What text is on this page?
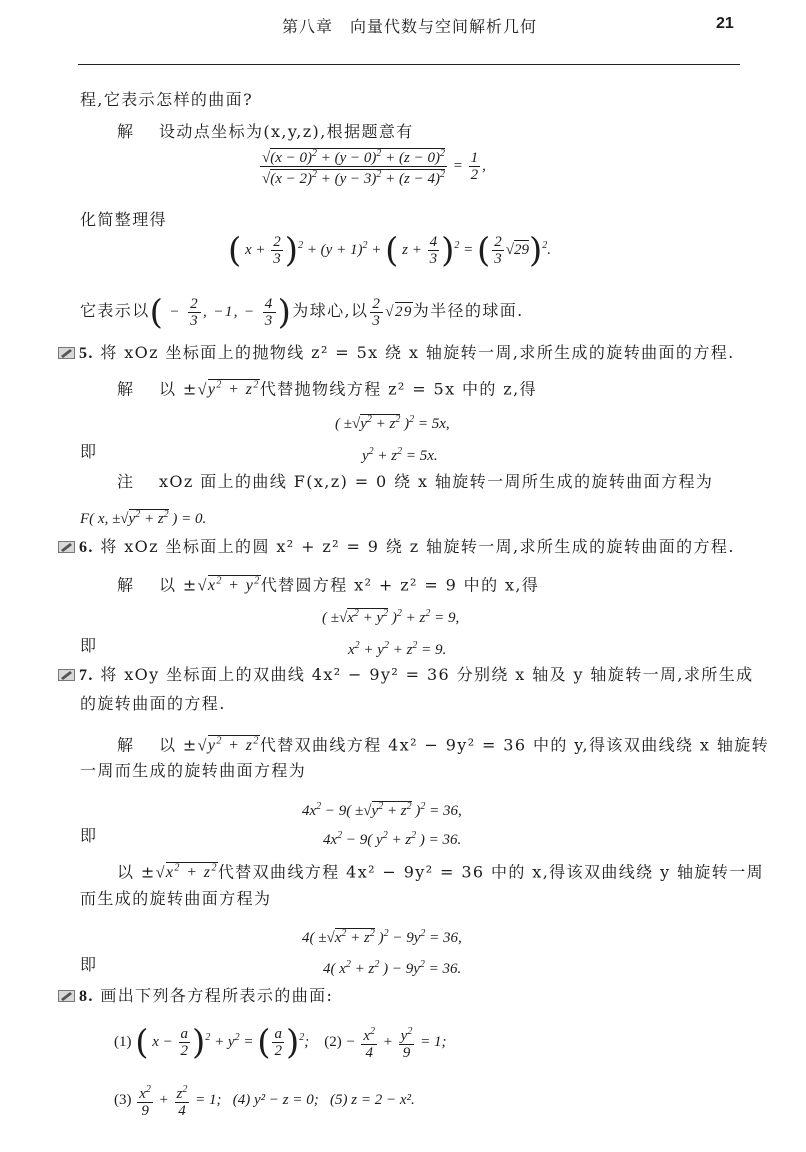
第八章　向量代数与空间解析几何	21
程,它表示怎样的曲面?
解 设动点坐标为(x,y,z),根据题意有
$\frac{√(x - 0)^2 + (y - 0)^2 + (z - 0)^2}{√(x - 2)^2 + (y - 3)^2 + (z - 4)^2} = \frac{1}{2}$ ,
化简整理得
( $x + \frac{2}{3} )^2 + (y + 1)^2$ + ( $z + \frac{4}{3} )^2$ = ( $\frac{2}{3} √29)^2$.
它表示以( − $\frac{2}{3}$ , −1, − $\frac{4}{3}$ )为球心,以 $\frac{2}{3} √29$为半径的球面.
5. 将 xOz 坐标面上的抛物线 z² = 5x 绕 x 轴旋转一周,求所生成的旋转曲面的方程.
解 以 $\pm√y^2 + z^2$代替抛物线方程 z² = 5x 中的 z,得
( $\pm√y^2 + z^2$ )$^2$ = 5x,
即	$y^2 + z^2 = 5x$.
注 xOz 面上的曲线 F(x,z) = 0 绕 x 轴旋转一周所生成的旋转曲面方程为
F( x, $\pm√y^2 + z^2$ ) = 0.
6. 将 xOz 坐标面上的圆 x² + z² = 9 绕 z 轴旋转一周,求所生成的旋转曲面的方程.
解 以 $\pm√x^2 + y^2$代替圆方程 x² + z² = 9 中的 x,得
( $\pm√x^2 + y^2$ )$^2 + z^2 = 9$,
即	$x^2 + y^2 + z^2 = 9$.
7. 将 xOy 坐标面上的双曲线 4x² − 9y² = 36 分别绕 x 轴及 y 轴旋转一周,求所生成
的旋转曲面的方程.
解 以 $\pm√y^2 + z^2$代替双曲线方程 4x² − 9y² = 36 中的 y,得该双曲线绕 x 轴旋转
一周而生成的旋转曲面方程为
$4x^2 - 9( \pm√y^2 + z^2$ )$^2$ = 36,
即	$4x^2 - 9$( $y^2 + z^2$ ) = 36.
以 $\pm√x^2 + z^2$代替双曲线方程 4x² − 9y² = 36 中的 x,得该双曲线绕 y 轴旋转一周
而生成的旋转曲面方程为
$4( \pm√x^2 + z^2$ )$^2 - 9y^2 = 36$,
即	4( $x^2 + z^2$ ) − $9y^2 = 36$.
8. 画出下列各方程所表示的曲面:
(1) ( $x - \frac{a}{2} )^2 + y^2$ = ( $\frac{a}{2} )^2$;    $(2) - \frac{x^2}{4} + \frac{y^2}{9} = 1$;
$(3) \frac{x^2}{9} + \frac{z^2}{4} = 1$;   (4) y² − z = 0; (5) z = 2 − x².
